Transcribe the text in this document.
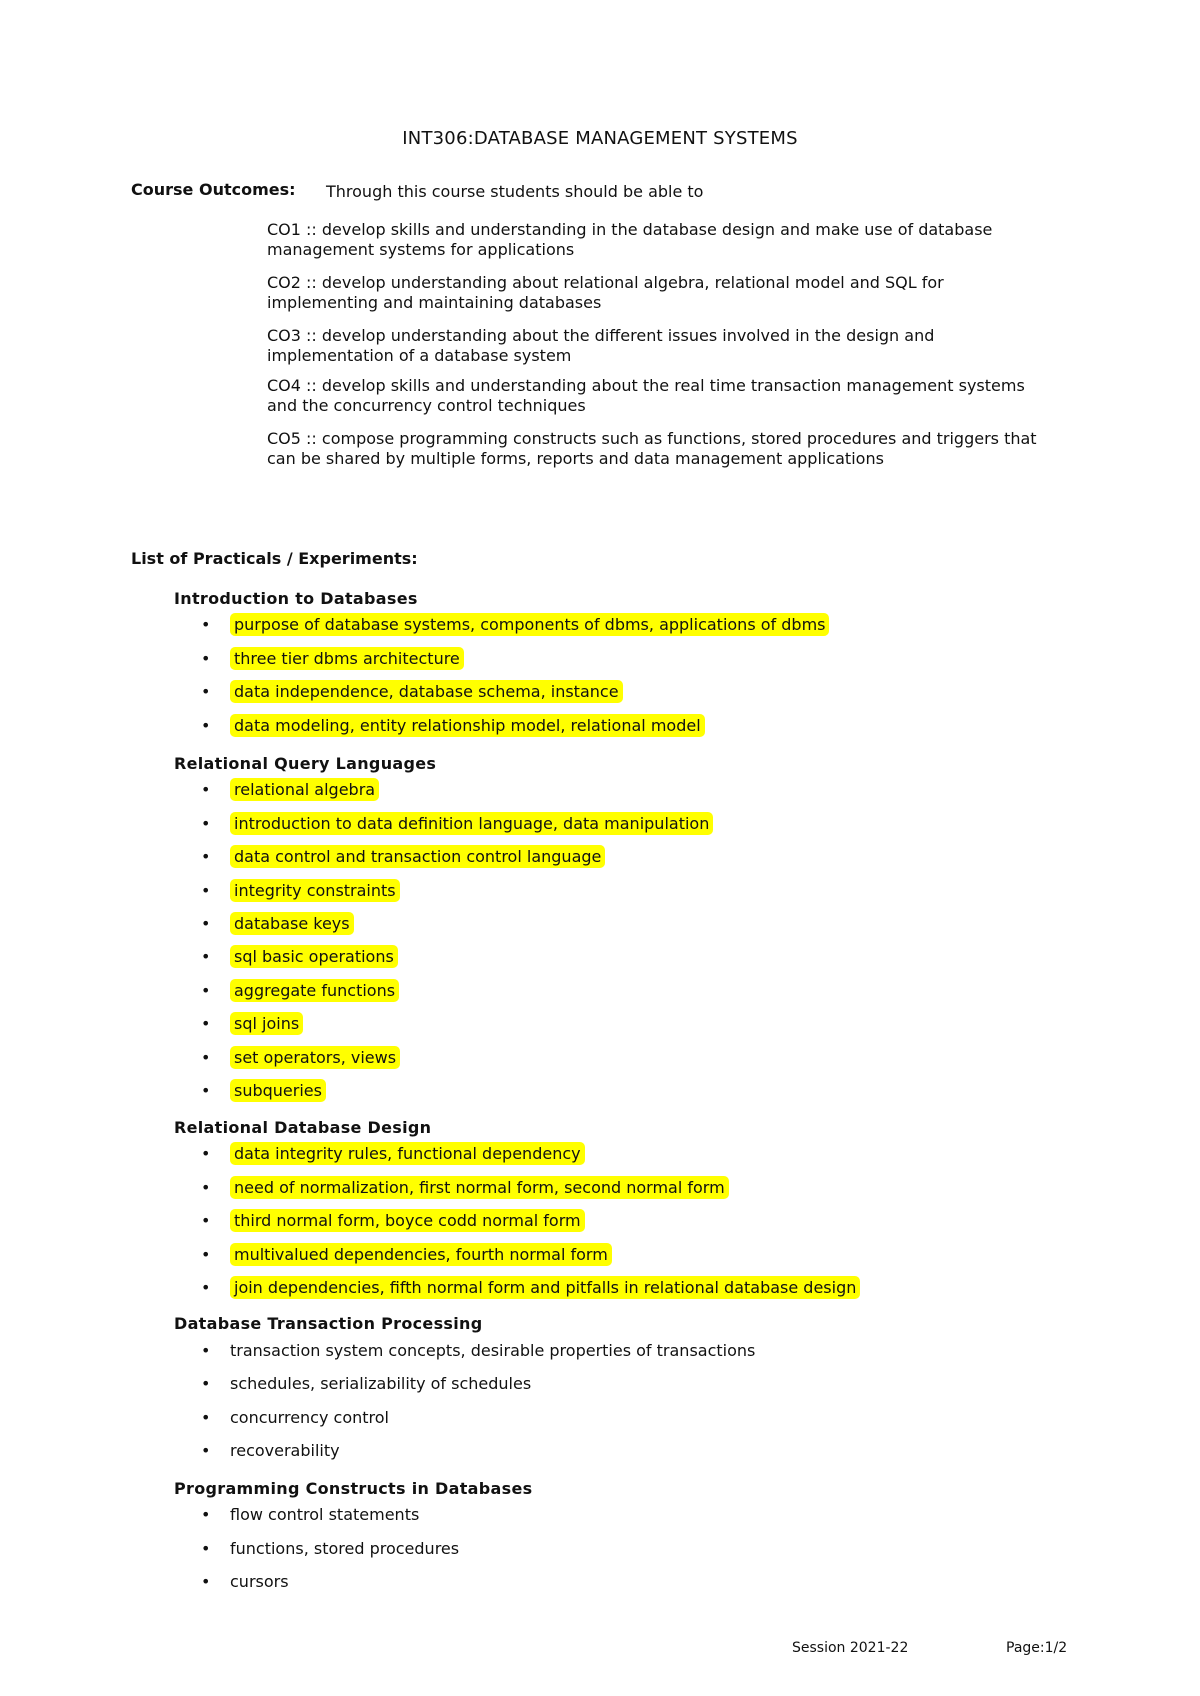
INT306:DATABASE MANAGEMENT SYSTEMS
Course Outcomes: Through this course students should be able to
CO1 :: develop skills and understanding in the database design and make use of database
management systems for applications
CO2 :: develop understanding about relational algebra, relational model and SQL for
implementing and maintaining databases
CO3 :: develop understanding about the different issues involved in the design and
implementation of a database system
CO4 :: develop skills and understanding about the real time transaction management systems
and the concurrency control techniques
CO5 :: compose programming constructs such as functions, stored procedures and triggers that
can be shared by multiple forms, reports and data management applications
List of Practicals / Experiments:
Introduction to Databases
• purpose of database systems, components of dbms, applications of dbms
• three tier dbms architecture
• data independence, database schema, instance
• data modeling, entity relationship model, relational model
Relational Query Languages
• relational algebra
• introduction to data definition language, data manipulation
• data control and transaction control language
• integrity constraints
• database keys
• sql basic operations
• aggregate functions
• sql joins
• set operators, views
• subqueries
Relational Database Design
• data integrity rules, functional dependency
• need of normalization, first normal form, second normal form
• third normal form, boyce codd normal form
• multivalued dependencies, fourth normal form
• join dependencies, fifth normal form and pitfalls in relational database design
Database Transaction Processing
• transaction system concepts, desirable properties of transactions
• schedules, serializability of schedules
• concurrency control
• recoverability
Programming Constructs in Databases
• flow control statements
• functions, stored procedures
• cursors
Session 2021-22	Page:1/2
